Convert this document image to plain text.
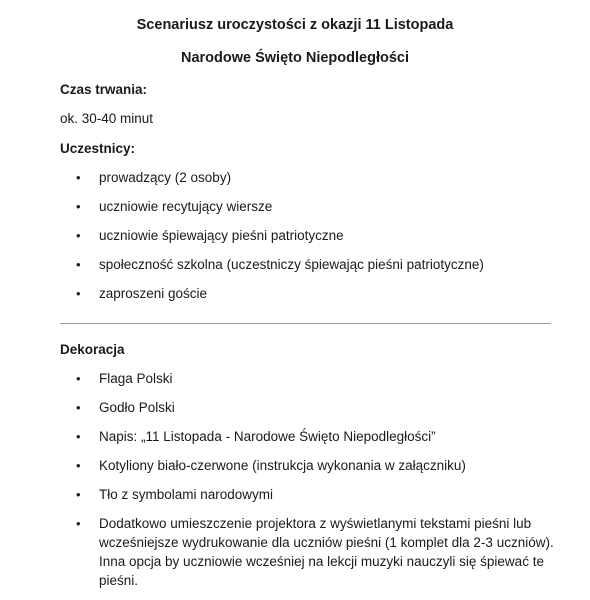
Scenariusz uroczystości z okazji 11 Listopada
Narodowe Święto Niepodległości
Czas trwania:
ok. 30-40 minut
Uczestnicy:
•	prowadzący (2 osoby)
•	uczniowie recytujący wiersze
•	uczniowie śpiewający pieśni patriotyczne
•	społeczność szkolna (uczestniczy śpiewając pieśni patriotyczne)
•	zaproszeni goście
Dekoracja
•	Flaga Polski
•	Godło Polski
•	Napis: „11 Listopada - Narodowe Święto Niepodległości”
•	Kotyliony biało-czerwone (instrukcja wykonania w załączniku)
•	Tło z symbolami narodowymi
•	Dodatkowo umieszczenie projektora z wyświetlanymi tekstami pieśni lub wcześniejsze wydrukowanie dla uczniów pieśni (1 komplet dla 2-3 uczniów). Inna opcja by uczniowie wcześniej na lekcji muzyki nauczyli się śpiewać te pieśni.
